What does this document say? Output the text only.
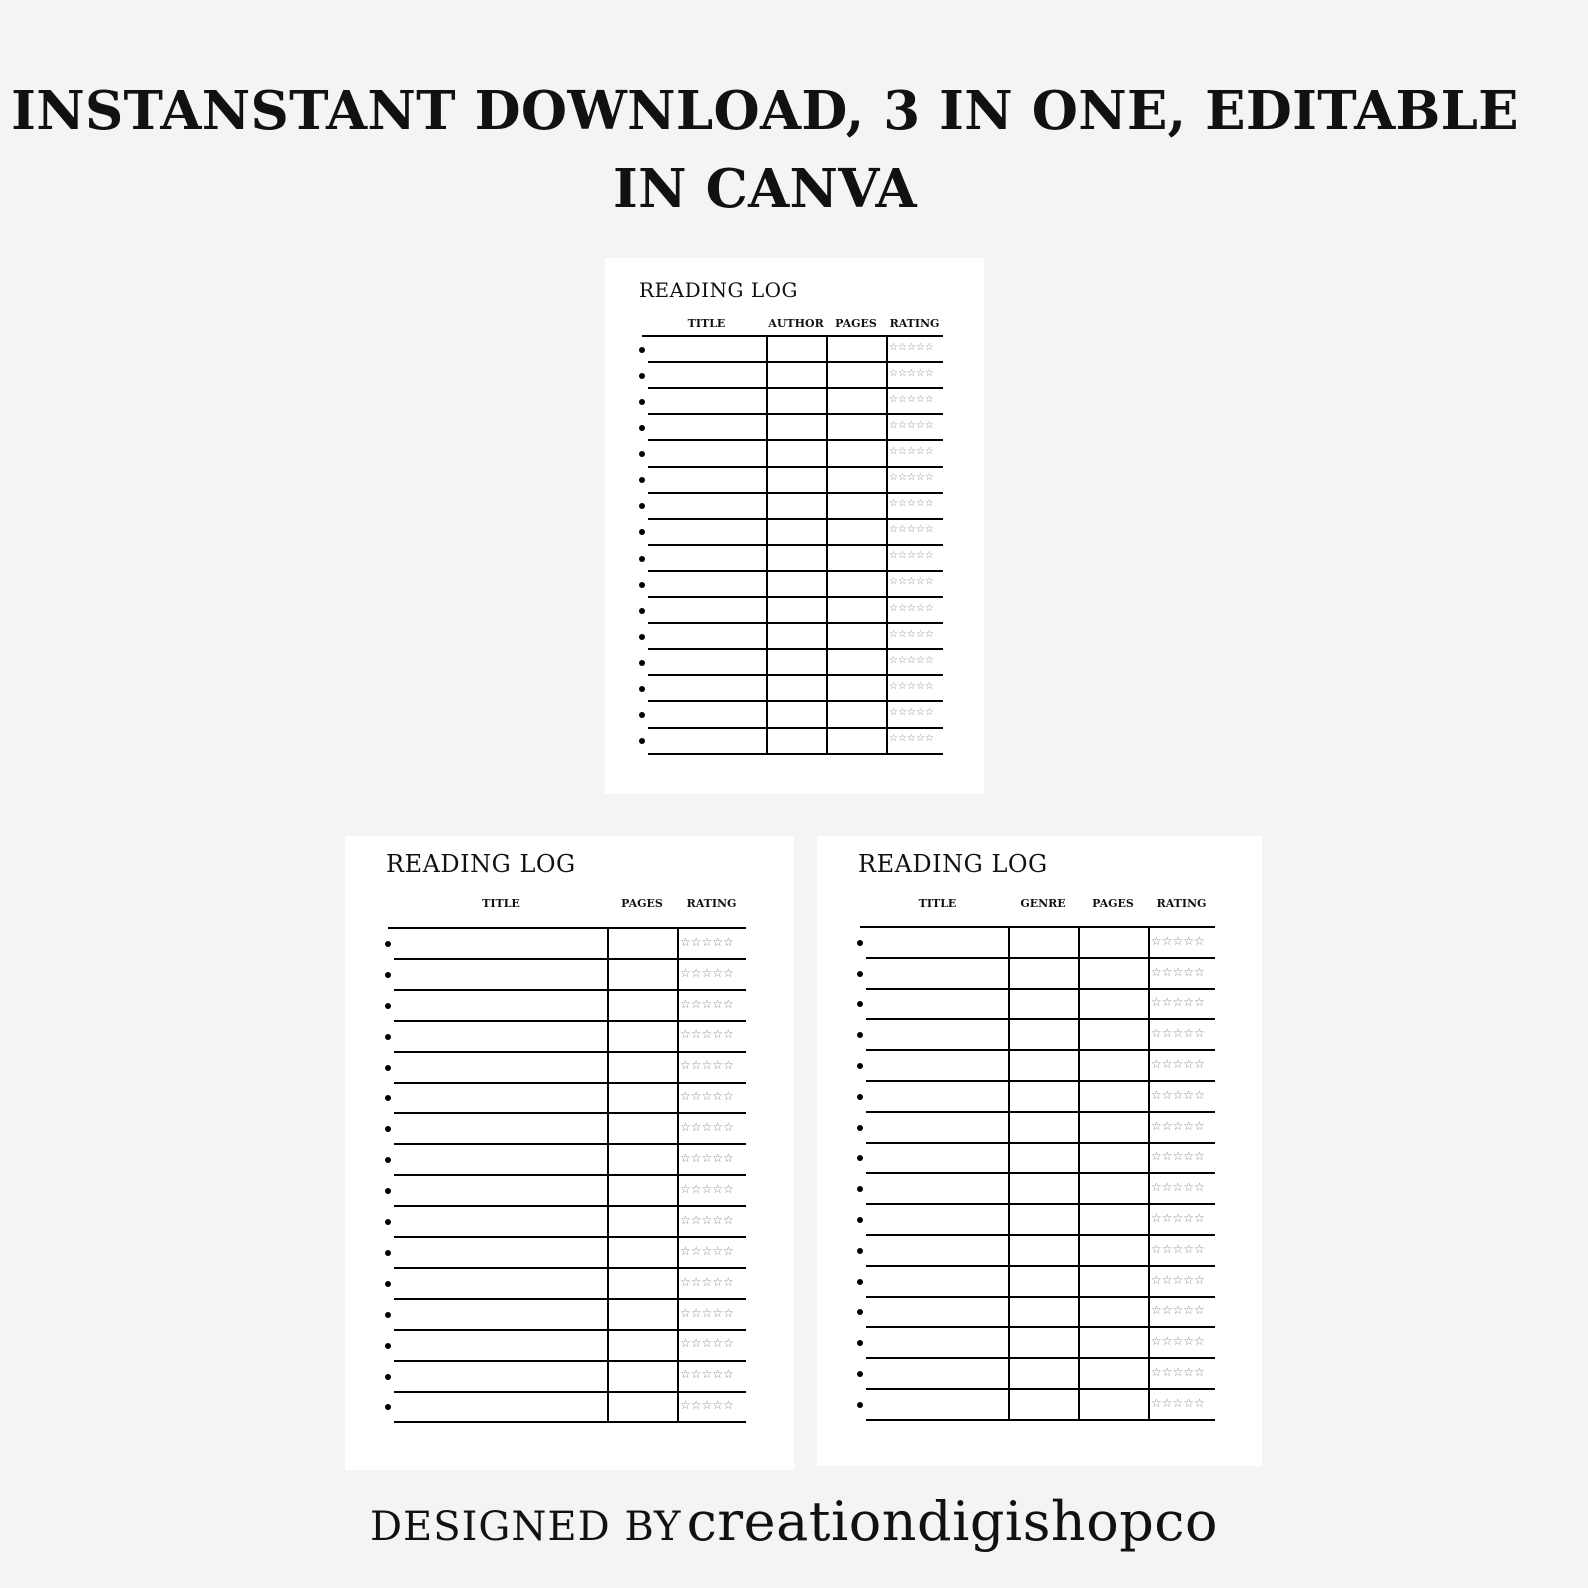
INSTANSTANT DOWNLOAD, 3 IN ONE, EDITABLE IN CANVA
READING LOG
TITLE	AUTHOR	PAGES	RATING
☆☆☆☆☆
☆☆☆☆☆
☆☆☆☆☆
☆☆☆☆☆
☆☆☆☆☆
☆☆☆☆☆
☆☆☆☆☆
☆☆☆☆☆
☆☆☆☆☆
☆☆☆☆☆
☆☆☆☆☆
☆☆☆☆☆
☆☆☆☆☆
☆☆☆☆☆
☆☆☆☆☆
☆☆☆☆☆
READING LOG
TITLE	PAGES	RATING
☆☆☆☆☆
☆☆☆☆☆
☆☆☆☆☆
☆☆☆☆☆
☆☆☆☆☆
☆☆☆☆☆
☆☆☆☆☆
☆☆☆☆☆
☆☆☆☆☆
☆☆☆☆☆
☆☆☆☆☆
☆☆☆☆☆
☆☆☆☆☆
☆☆☆☆☆
☆☆☆☆☆
☆☆☆☆☆
READING LOG
TITLE	GENRE	PAGES	RATING
☆☆☆☆☆
☆☆☆☆☆
☆☆☆☆☆
☆☆☆☆☆
☆☆☆☆☆
☆☆☆☆☆
☆☆☆☆☆
☆☆☆☆☆
☆☆☆☆☆
☆☆☆☆☆
☆☆☆☆☆
☆☆☆☆☆
☆☆☆☆☆
☆☆☆☆☆
☆☆☆☆☆
☆☆☆☆☆
DESIGNED BY creationdigishopco
